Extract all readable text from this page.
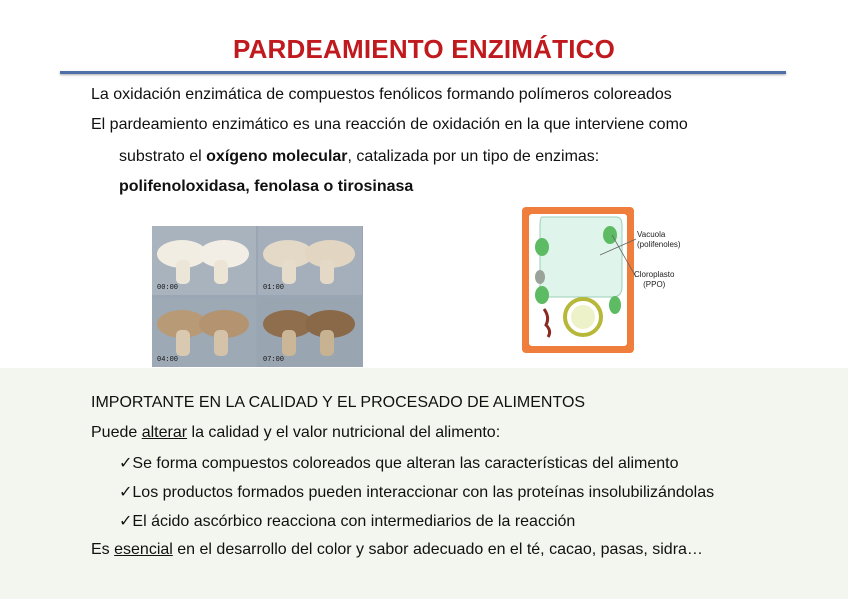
PARDEAMIENTO ENZIMÁTICO
La oxidación enzimática de compuestos fenólicos formando polímeros coloreados
El pardeamiento enzimático es una reacción de oxidación en la que interviene como
substrato el oxígeno molecular, catalizada por un tipo de enzimas:
polifenoloxidasa, fenolasa o tirosinasa
00:00	01:00
04:00	07:00
Vacuola
(polifenoles)
Cloroplasto
(PPO)
IMPORTANTE EN LA CALIDAD Y EL PROCESADO DE ALIMENTOS
Puede alterar la calidad y el valor nutricional del alimento:
✓Se forma compuestos coloreados que alteran las características del alimento
✓Los productos formados pueden interaccionar con las proteínas insolubilizándolas
✓El ácido ascórbico reacciona con intermediarios de la reacción
Es esencial en el desarrollo del color y sabor adecuado en el té, cacao, pasas, sidra…
